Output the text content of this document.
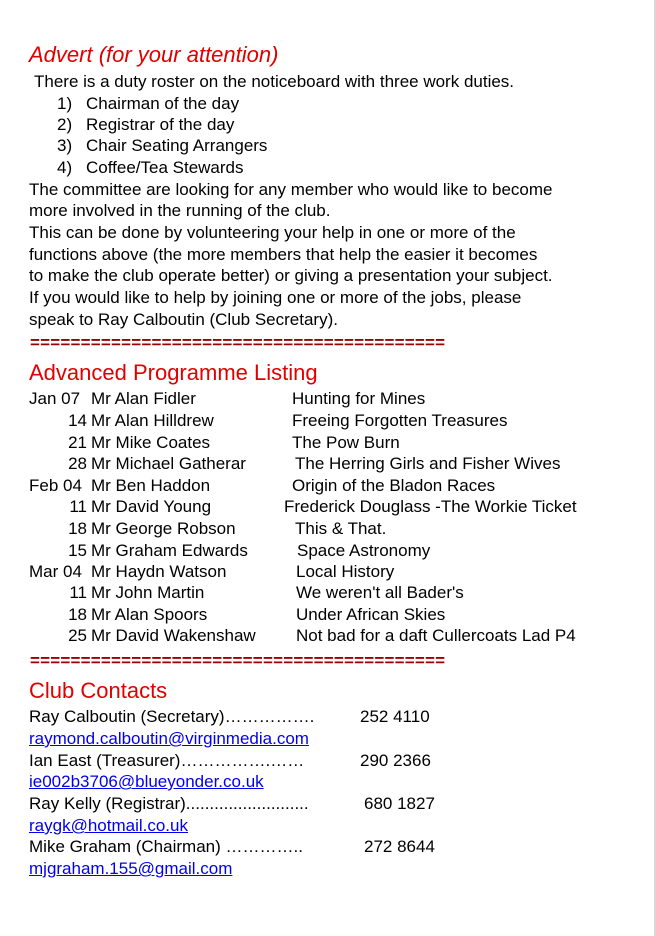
Advert (for your attention)
There is a duty roster on the noticeboard with three work duties.
1) Chairman of the day
2) Registrar of the day
3) Chair Seating Arrangers
4) Coffee/Tea Stewards
The committee are looking for any member who would like to become
more involved in the running of the club.
This can be done by volunteering your help in one or more of the
functions above (the more members that help the easier it becomes
to make the club operate better) or giving a presentation your subject.
If you would like to help by joining one or more of the jobs, please
speak to Ray Calboutin (Club Secretary).
=========================================
Advanced Programme Listing
Jan 07 Mr Alan Fidler	Hunting for Mines
14 Mr Alan Hilldrew	Freeing Forgotten Treasures
21 Mr Mike Coates	The Pow Burn
28 Mr Michael Gatherar	The Herring Girls and Fisher Wives
Feb 04 Mr Ben Haddon	Origin of the Bladon Races
11 Mr David Young	Frederick Douglass -The Workie Ticket
18 Mr George Robson	This & That.
15 Mr Graham Edwards	Space Astronomy
Mar 04 Mr Haydn Watson	Local History
11 Mr John Martin	We weren't all Bader's
18 Mr Alan Spoors	Under African Skies
25 Mr David Wakenshaw Not bad for a daft Cullercoats Lad P4
=========================================
Club Contacts
Ray Calboutin (Secretary)…………….	252 4110
raymond.calboutin@virginmedia.com
Ian East (Treasurer)…………….……	290 2366
ie002b3706@blueyonder.co.uk
Ray Kelly (Registrar)..........................	680 1827
raygk@hotmail.co.uk
Mike Graham (Chairman) …………..	272 8644
mjgraham.155@gmail.com
